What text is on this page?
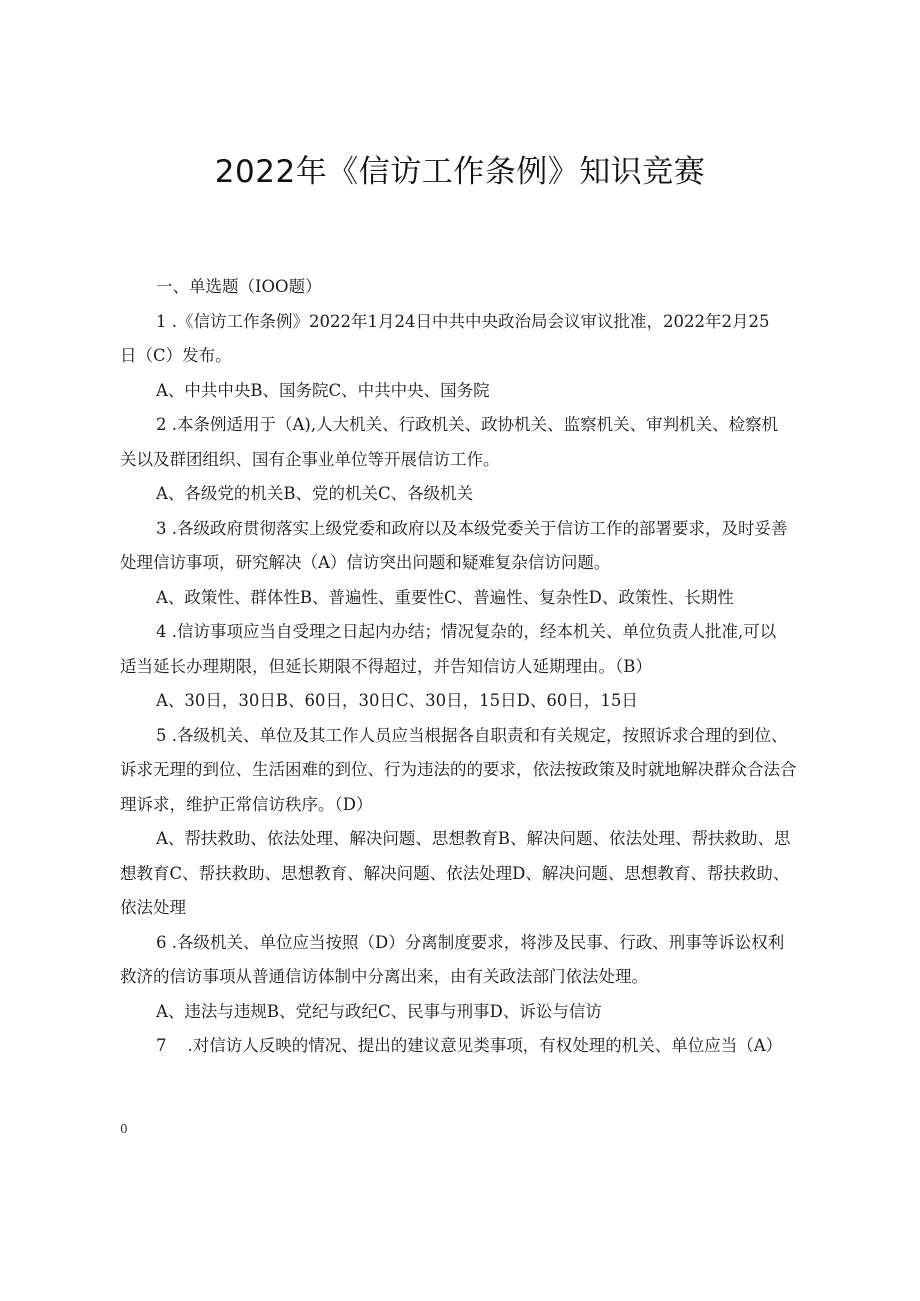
2022年《信访工作条例》知识竞赛
一、单选题（IOO题）
1 .《信访工作条例》2022年1月24日中共中央政治局会议审议批准，2022年2月25
日（C）发布。
A、中共中央B、国务院C、中共中央、国务院
2 .本条例适用于（A),人大机关、行政机关、政协机关、监察机关、审判机关、检察机
关以及群团组织、国有企事业单位等开展信访工作。
A、各级党的机关B、党的机关C、各级机关
3 .各级政府贯彻落实上级党委和政府以及本级党委关于信访工作的部署要求，及时妥善
处理信访事项，研究解决（A）信访突出问题和疑难复杂信访问题。
A、政策性、群体性B、普遍性、重要性C、普遍性、复杂性D、政策性、长期性
4 .信访事项应当自受理之日起内办结；情况复杂的，经本机关、单位负责人批准,可以
适当延长办理期限，但延长期限不得超过，并告知信访人延期理由。（B）
A、30日，30日B、60日，30日C、30日，15日D、60日，15日
5 .各级机关、单位及其工作人员应当根据各自职责和有关规定，按照诉求合理的到位、
诉求无理的到位、生活困难的到位、行为违法的的要求，依法按政策及时就地解决群众合法合
理诉求，维护正常信访秩序。（D）
A、帮扶救助、依法处理、解决问题、思想教育B、解决问题、依法处理、帮扶救助、思
想教育C、帮扶救助、思想教育、解决问题、依法处理D、解决问题、思想教育、帮扶救助、
依法处理
6 .各级机关、单位应当按照（D）分离制度要求，将涉及民事、行政、刑事等诉讼权利
救济的信访事项从普通信访体制中分离出来，由有关政法部门依法处理。
A、违法与违规B、党纪与政纪C、民事与刑事D、诉讼与信访
7    .对信访人反映的情况、提出的建议意见类事项，有权处理的机关、单位应当（A）
0
